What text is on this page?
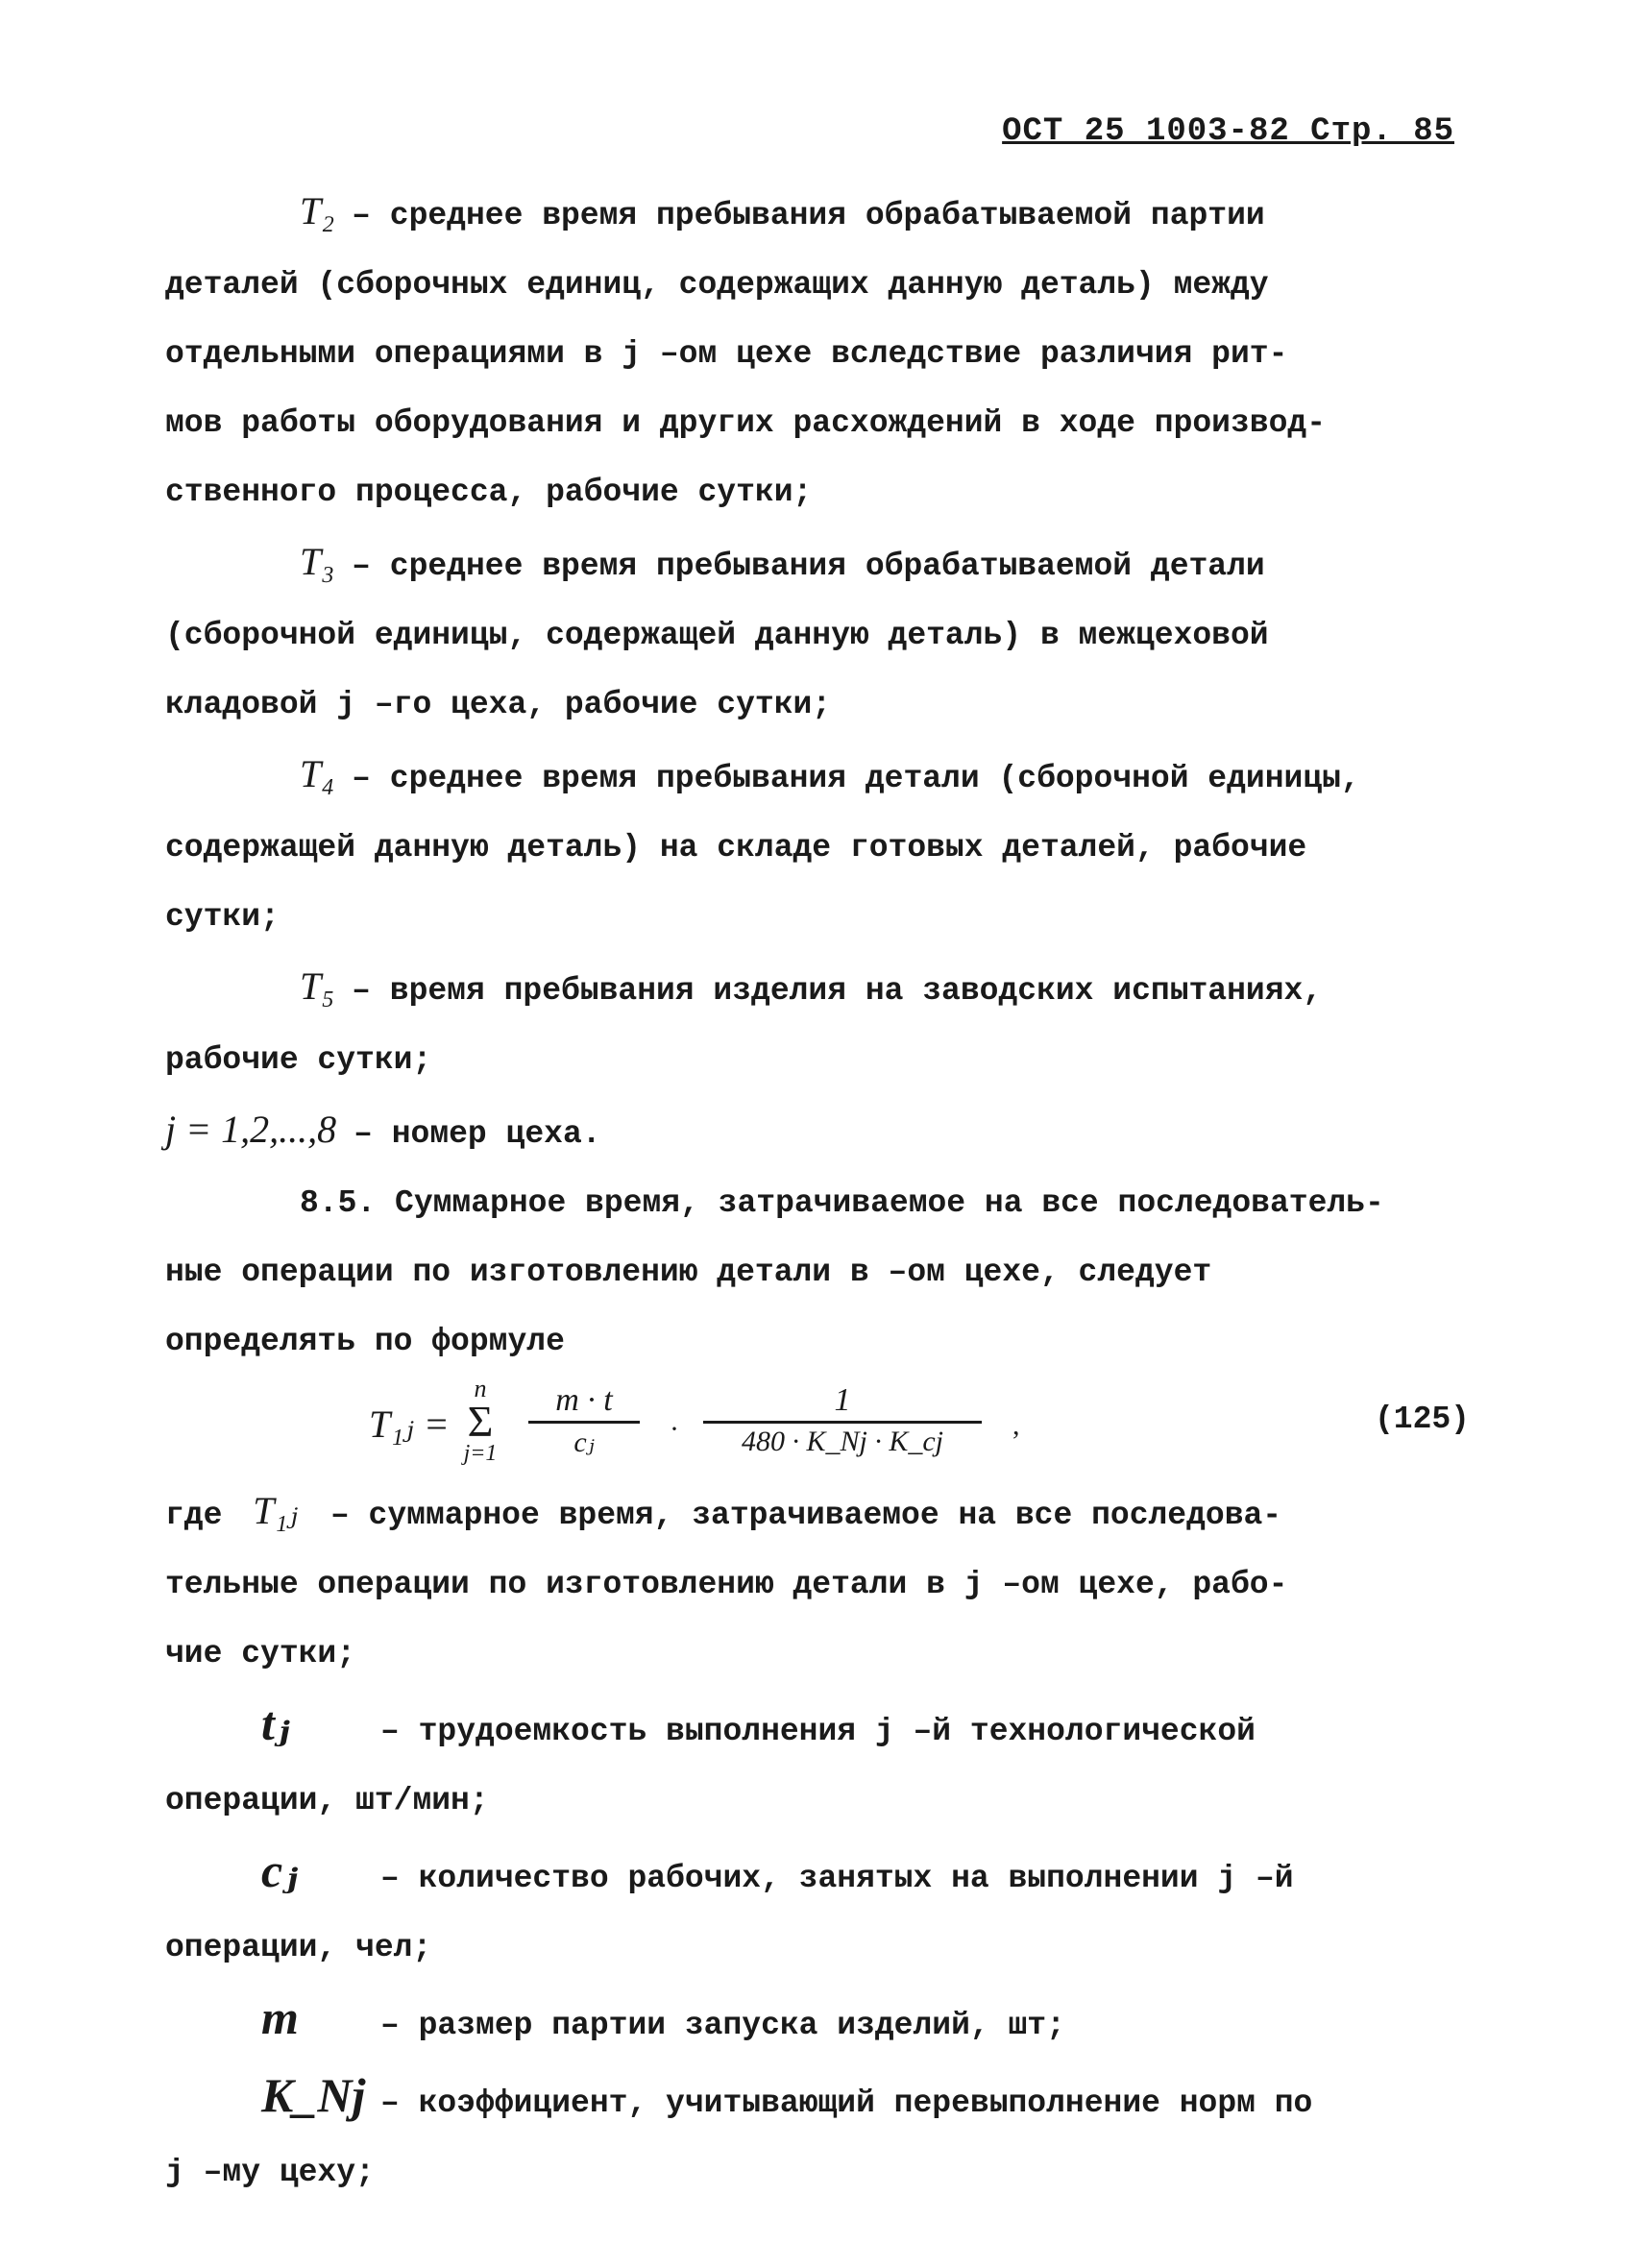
ОСТ 25 1003-82 Стр. 85

T₂ – среднее время пребывания обрабатываемой партии

деталей (сборочных единиц, содержащих данную деталь) между

отдельными операциями в j –ом цехе вследствие различия рит-

мов работы оборудования и других расхождений в ходе производ-

ственного процесса, рабочие сутки;

T₃ – среднее время пребывания обрабатываемой детали

(сборочной единицы, содержащей данную деталь) в межцеховой

кладовой j –го цеха, рабочие сутки;

T₄ – среднее время пребывания детали (сборочной единицы,

содержащей данную деталь) на складе готовых деталей, рабочие

сутки;

T₅ – время пребывания изделия на заводских испытаниях,

рабочие сутки;

j = 1,2,...,8 – номер цеха.

8.5. Суммарное время, затрачиваемое на все последователь-

ные операции по изготовлению детали в –ом цехе, следует

определять по формуле

T₁ⱼ =
n
Σ
$j=1 \frac{m \cdot t}{\text{cⱼ}} \cdot \frac{1}{480 \cdot K\_Nj \cdot K\_cj}$ ,	(125)

где T₁ⱼ – суммарное время, затрачиваемое на все последова-

тельные операции по изготовлению детали в j –ом цехе, рабо-

чие сутки;

tⱼ	– трудоемкость выполнения j –й технологической

операции, шт/мин;

cⱼ	– количество рабочих, занятых на выполнении j –й

операции, чел;

m	– размер партии запуска изделий, шт;
K_Nj – коэффициент, учитывающий перевыполнение норм по

j –му цеху;
